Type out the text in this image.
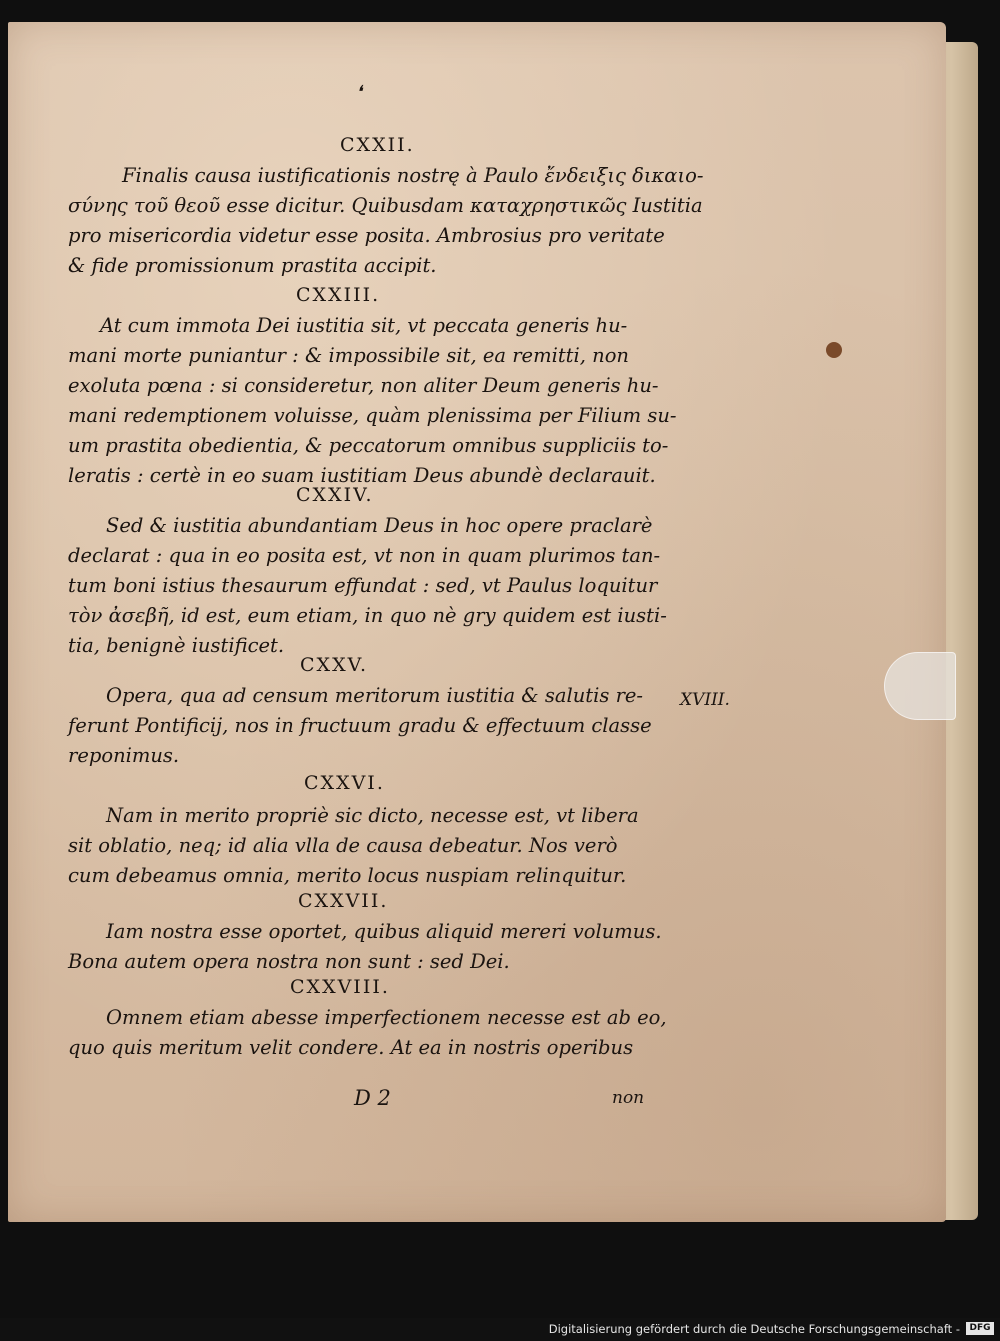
❛
CXXII.
Finalis causa iustificationis nostrę à Paulo ἔνδειξις δικαιο-
σύνης τοῦ θεοῦ esse dicitur. Quibusdam καταχρηστικῶς Iustitia
pro misericordia videtur esse posita. Ambrosius pro veritate
& fide promissionum prastita accipit.
CXXIII.
At cum immota Dei iustitia sit, vt peccata generis hu-
mani morte puniantur : & impossibile sit, ea remitti, non
exoluta pœna : si consideretur, non aliter Deum generis hu-
mani redemptionem voluisse, quàm plenissima per Filium su-
um prastita obedientia, & peccatorum omnibus suppliciis to-
leratis : certè in eo suam iustitiam Deus abundè declarauit.
CXXIV.
Sed & iustitia abundantiam Deus in hoc opere praclarè
declarat : qua in eo posita est, vt non in quam plurimos tan-
tum boni istius thesaurum effundat : sed, vt Paulus loquitur
τὸν ἀσεβῆ, id est, eum etiam, in quo nè gry quidem est iusti-
tia, benignè iustificet.
CXXV.
Opera, qua ad censum meritorum iustitia & salutis re-
ferunt Pontificij, nos in fructuum gradu & effectuum classe
reponimus.
CXXVI.
Nam in merito propriè sic dicto, necesse est, vt libera
sit oblatio, neq; id alia vlla de causa debeatur. Nos verò
cum debeamus omnia, merito locus nuspiam relinquitur.
CXXVII.
Iam nostra esse oportet, quibus aliquid mereri volumus.
Bona autem opera nostra non sunt : sed Dei.
CXXVIII.
Omnem etiam abesse imperfectionem necesse est ab eo,
quo quis meritum velit condere. At ea in nostris operibus
XVIII.
D 2	non
Digitalisierung gefördert durch die Deutsche Forschungsgemeinschaft -	DFG
